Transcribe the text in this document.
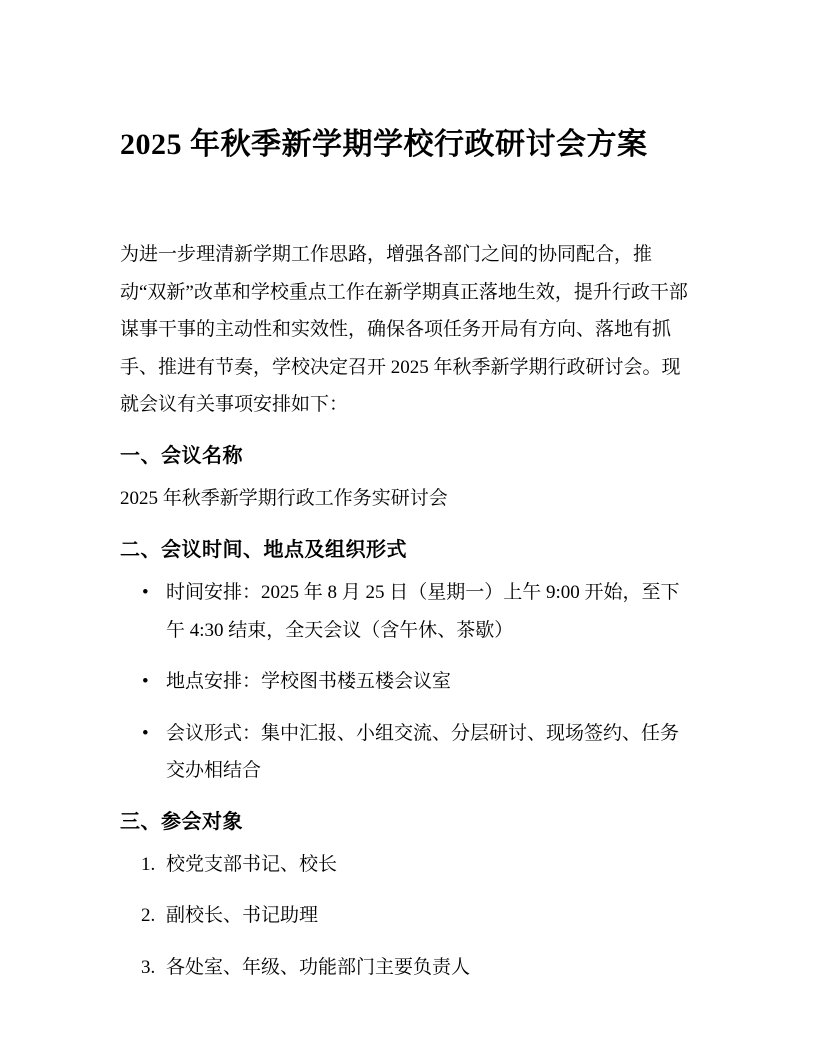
2025 年秋季新学期学校行政研讨会方案

为进一步理清新学期工作思路，增强各部门之间的协同配合，推动“双新”改革和学校重点工作在新学期真正落地生效，提升行政干部谋事干事的主动性和实效性，确保各项任务开局有方向、落地有抓手、推进有节奏，学校决定召开 2025 年秋季新学期行政研讨会。现就会议有关事项安排如下：

一、会议名称

2025 年秋季新学期行政工作务实研讨会

二、会议时间、地点及组织形式
• 时间安排：2025 年 8 月 25 日（星期一）上午 9:00 开始，至下午 4:30 结束，全天会议（含午休、茶歇）
• 地点安排：学校图书楼五楼会议室
• 会议形式：集中汇报、小组交流、分层研讨、现场签约、任务交办相结合
三、参会对象
校党支部书记、校长
副校长、书记助理
各处室、年级、功能部门主要负责人
